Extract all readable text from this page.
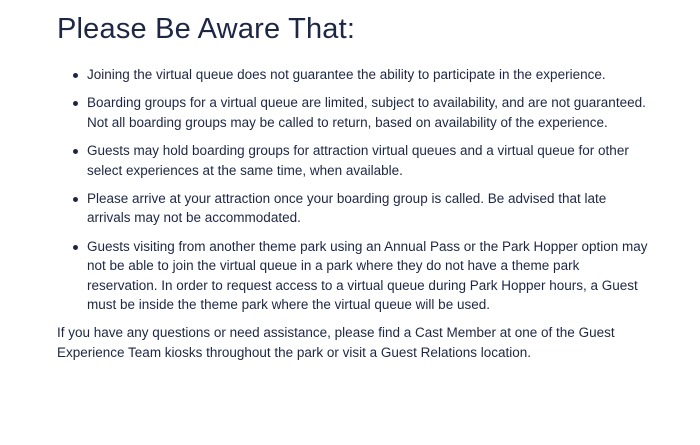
Please Be Aware That:
Joining the virtual queue does not guarantee the ability to participate in the experience.
Boarding groups for a virtual queue are limited, subject to availability, and are not guaranteed. Not all boarding groups may be called to return, based on availability of the experience.
Guests may hold boarding groups for attraction virtual queues and a virtual queue for other select experiences at the same time, when available.
Please arrive at your attraction once your boarding group is called. Be advised that late arrivals may not be accommodated.
Guests visiting from another theme park using an Annual Pass or the Park Hopper option may not be able to join the virtual queue in a park where they do not have a theme park reservation. In order to request access to a virtual queue during Park Hopper hours, a Guest must be inside the theme park where the virtual queue will be used.

If you have any questions or need assistance, please find a Cast Member at one of the Guest Experience Team kiosks throughout the park or visit a Guest Relations location.
